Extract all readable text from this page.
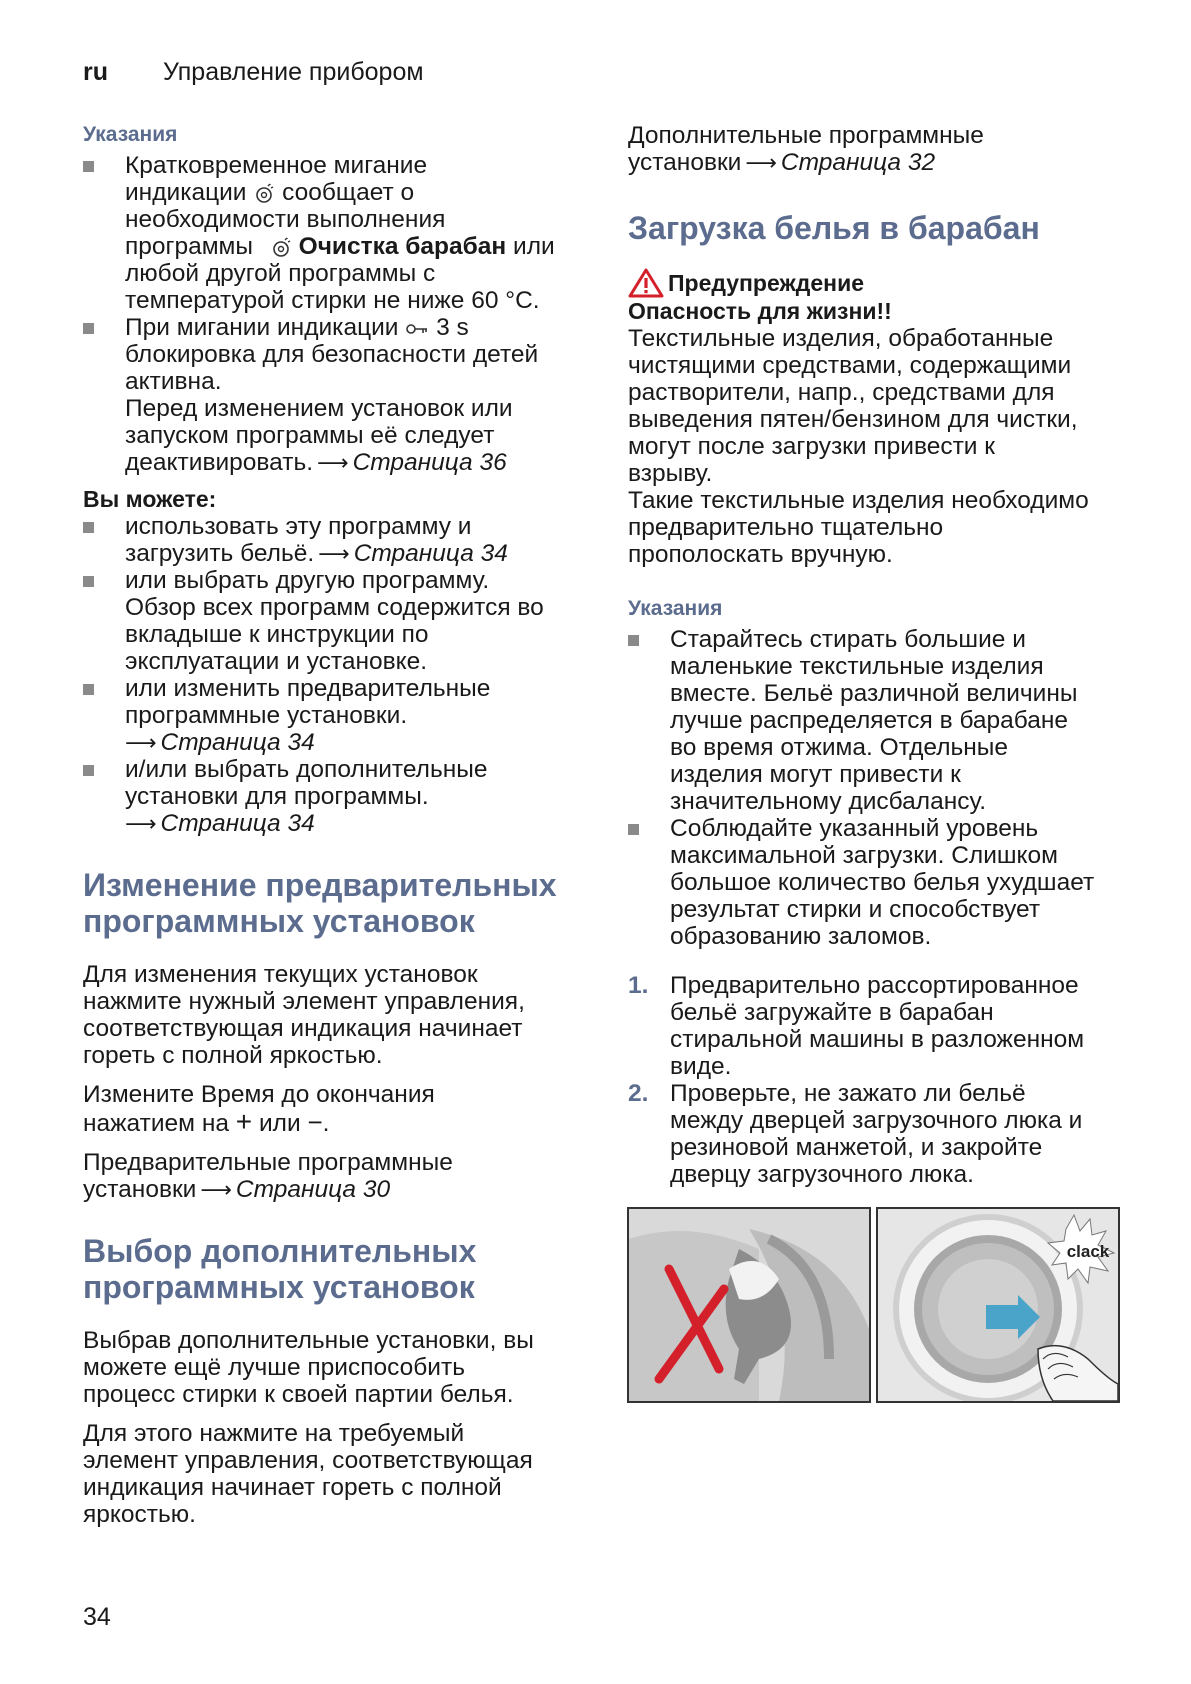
ru Управление прибором
Указания
Кратковременное мигание
индикации сообщает о
необходимости выполнения
программы Очистка барабан или
любой другой программы с
температурой стирки не ниже 60 °C.
При мигании индикации 3 s
блокировка для безопасности детей
активна.
Перед изменением установок или
запуском программы её следует
деактивировать. ⟶ Страница 36
Вы можете:
использовать эту программу и
загрузить бельё. ⟶ Страница 34
или выбрать другую программу.
Обзор всех программ содержится во
вкладыше к инструкции по
эксплуатации и установке.
или изменить предварительные
программные установки.
⟶ Страница 34
и/или выбрать дополнительные
установки для программы.
⟶ Страница 34
Изменение предварительных
программных установок

Для изменения текущих установок
нажмите нужный элемент управления,
соответствующая индикация начинает
гореть с полной яркостью.

Измените Время до окончания
нажатием на + или −.

Предварительные программные
установки ⟶ Страница 30

Выбор дополнительных
программных установок

Выбрав дополнительные установки, вы
можете ещё лучше приспособить
процесс стирки к своей партии белья.

Для этого нажмите на требуемый
элемент управления, соответствующая
индикация начинает гореть с полной
яркостью.

Дополнительные программные
установки ⟶ Страница 32

Загрузка белья в барабан
Предупреждение
Опасность для жизни!!

Текстильные изделия, обработанные
чистящими средствами, содержащими
растворители, напр., средствами для
выведения пятен/бензином для чистки,
могут после загрузки привести к
взрыву.
Такие текстильные изделия необходимо
предварительно тщательно
прополоскать вручную.

Указания
Старайтесь стирать большие и
маленькие текстильные изделия
вместе. Бельё различной величины
лучше распределяется в барабане
во время отжима. Отдельные
изделия могут привести к
значительному дисбалансу.
Соблюдайте указанный уровень
максимальной загрузки. Слишком
большое количество белья ухудшает
результат стирки и способствует
образованию заломов.
1. Предварительно рассортированное
бельё загружайте в барабан
стиральной машины в разложенном
виде.
2. Проверьте, не зажато ли бельё
между дверцей загрузочного люка и
резиновой манжетой, и закройте
дверцу загрузочного люка.
clack
34
